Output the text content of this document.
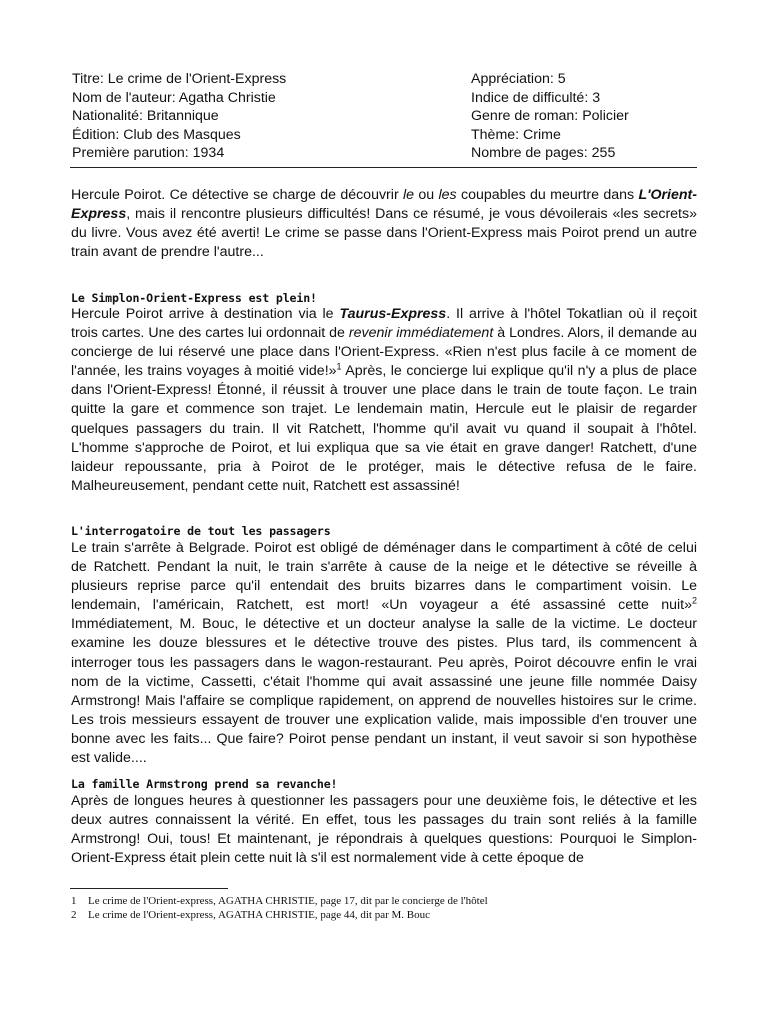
Titre: Le crime de l'Orient-Express
Nom de l'auteur: Agatha Christie
Nationalité: Britannique
Édition: Club des Masques
Première parution: 1934
Appréciation: 5
Indice de difficulté: 3
Genre de roman: Policier
Thème: Crime
Nombre de pages: 255
Hercule Poirot. Ce détective se charge de découvrir le ou les coupables du meurtre dans L'Orient-Express, mais il rencontre plusieurs difficultés! Dans ce résumé, je vous dévoilerais «les secrets» du livre. Vous avez été averti! Le crime se passe dans l'Orient-Express mais Poirot prend un autre train avant de prendre l'autre...
Le Simplon-Orient-Express est plein!
Hercule Poirot arrive à destination via le Taurus-Express. Il arrive à l'hôtel Tokatlian où il reçoit trois cartes. Une des cartes lui ordonnait de revenir immédiatement à Londres. Alors, il demande au concierge de lui réservé une place dans l'Orient-Express. «Rien n'est plus facile à ce moment de l'année, les trains voyages à moitié vide!»$^1$ Après, le concierge lui explique qu'il n'y a plus de place dans l'Orient-Express! Étonné, il réussit à trouver une place dans le train de toute façon. Le train quitte la gare et commence son trajet. Le lendemain matin, Hercule eut le plaisir de regarder quelques passagers du train. Il vit Ratchett, l'homme qu'il avait vu quand il soupait à l'hôtel. L'homme s'approche de Poirot, et lui expliqua que sa vie était en grave danger! Ratchett, d'une laideur repoussante, pria à Poirot de le protéger, mais le détective refusa de le faire. Malheureusement, pendant cette nuit, Ratchett est assassiné!
L'interrogatoire de tout les passagers
Le train s'arrête à Belgrade. Poirot est obligé de déménager dans le compartiment à côté de celui de Ratchett. Pendant la nuit, le train s'arrête à cause de la neige et le détective se réveille à plusieurs reprise parce qu'il entendait des bruits bizarres dans le compartiment voisin. Le lendemain, l'américain, Ratchett, est mort! «Un voyageur a été assassiné cette nuit»$^2$ Immédiatement, M. Bouc, le détective et un docteur analyse la salle de la victime. Le docteur examine les douze blessures et le détective trouve des pistes. Plus tard, ils commencent à interroger tous les passagers dans le wagon-restaurant. Peu après, Poirot découvre enfin le vrai nom de la victime, Cassetti, c'était l'homme qui avait assassiné une jeune fille nommée Daisy Armstrong! Mais l'affaire se complique rapidement, on apprend de nouvelles histoires sur le crime. Les trois messieurs essayent de trouver une explication valide, mais impossible d'en trouver une bonne avec les faits... Que faire? Poirot pense pendant un instant, il veut savoir si son hypothèse est valide....
La famille Armstrong prend sa revanche!
Après de longues heures à questionner les passagers pour une deuxième fois, le détective et les deux autres connaissent la vérité. En effet, tous les passages du train sont reliés à la famille Armstrong! Oui, tous! Et maintenant, je répondrais à quelques questions: Pourquoi le Simplon-Orient-Express était plein cette nuit là s'il est normalement vide à cette époque de
1 Le crime de l'Orient-express, AGATHA CHRISTIE, page 17, dit par le concierge de l'hôtel
2 Le crime de l'Orient-express, AGATHA CHRISTIE, page 44, dit par M. Bouc
